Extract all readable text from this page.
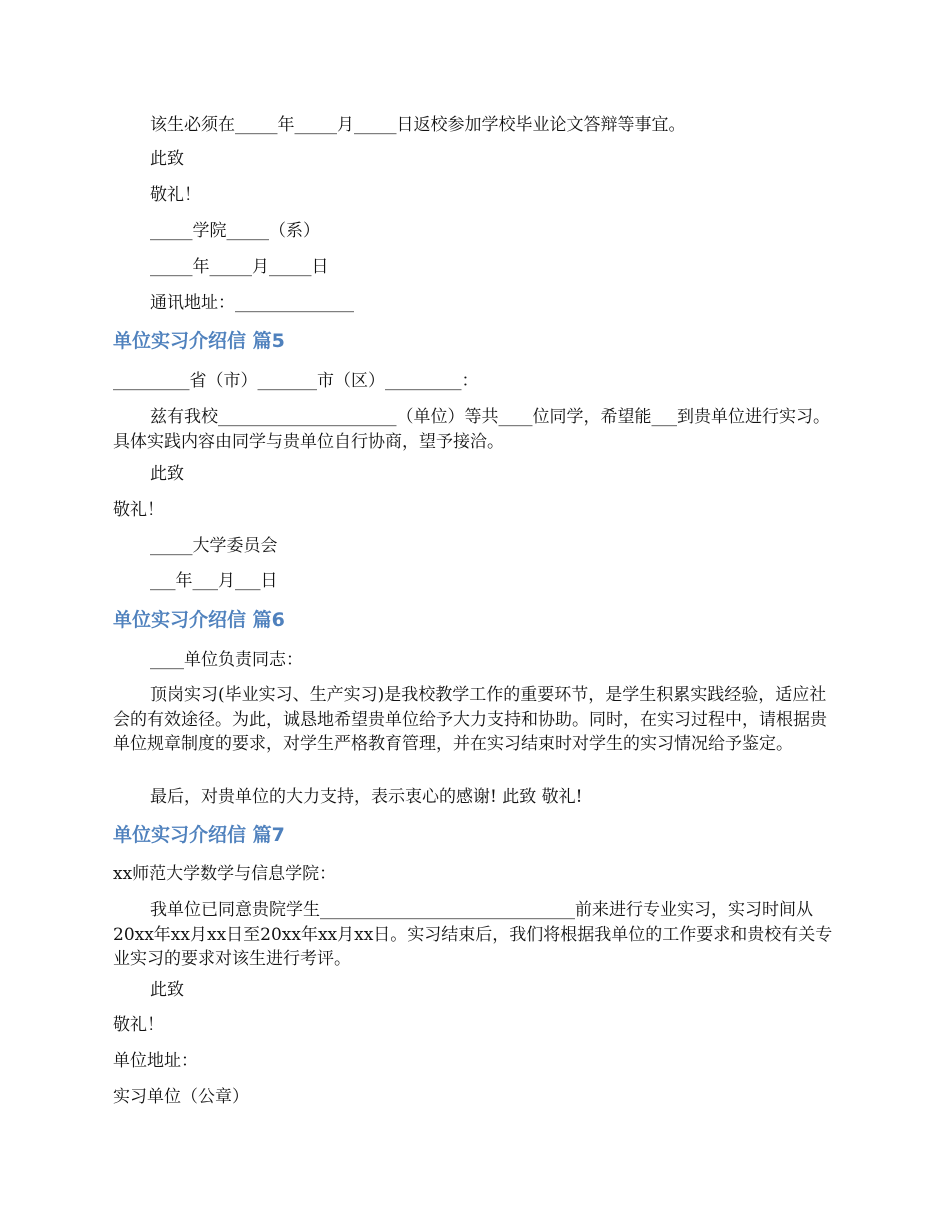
该生必须在_____年_____月_____日返校参加学校毕业论文答辩等事宜。
此致
敬礼！
_____学院_____（系）
_____年_____月_____日
通讯地址：______________
单位实习介绍信 篇5
_________省（市）_______市（区）_________：
兹有我校_____________________（单位）等共____位同学，希望能___到贵单位进行实习。具体实践内容由同学与贵单位自行协商，望予接洽。
此致
敬礼！
_____大学委员会
___年___月___日
单位实习介绍信 篇6
____单位负责同志：
顶岗实习(毕业实习、生产实习)是我校教学工作的重要环节，是学生积累实践经验，适应社会的有效途径。为此，诚恳地希望贵单位给予大力支持和协助。同时，在实习过程中，请根据贵单位规章制度的要求，对学生严格教育管理，并在实习结束时对学生的实习情况给予鉴定。
最后，对贵单位的大力支持，表示衷心的感谢! 此致 敬礼!
单位实习介绍信 篇7
xx师范大学数学与信息学院：
我单位已同意贵院学生______________________________前来进行专业实习，实习时间从20xx年xx月xx日至20xx年xx月xx日。实习结束后，我们将根据我单位的工作要求和贵校有关专业实习的要求对该生进行考评。
此致
敬礼！
单位地址：
实习单位（公章）
